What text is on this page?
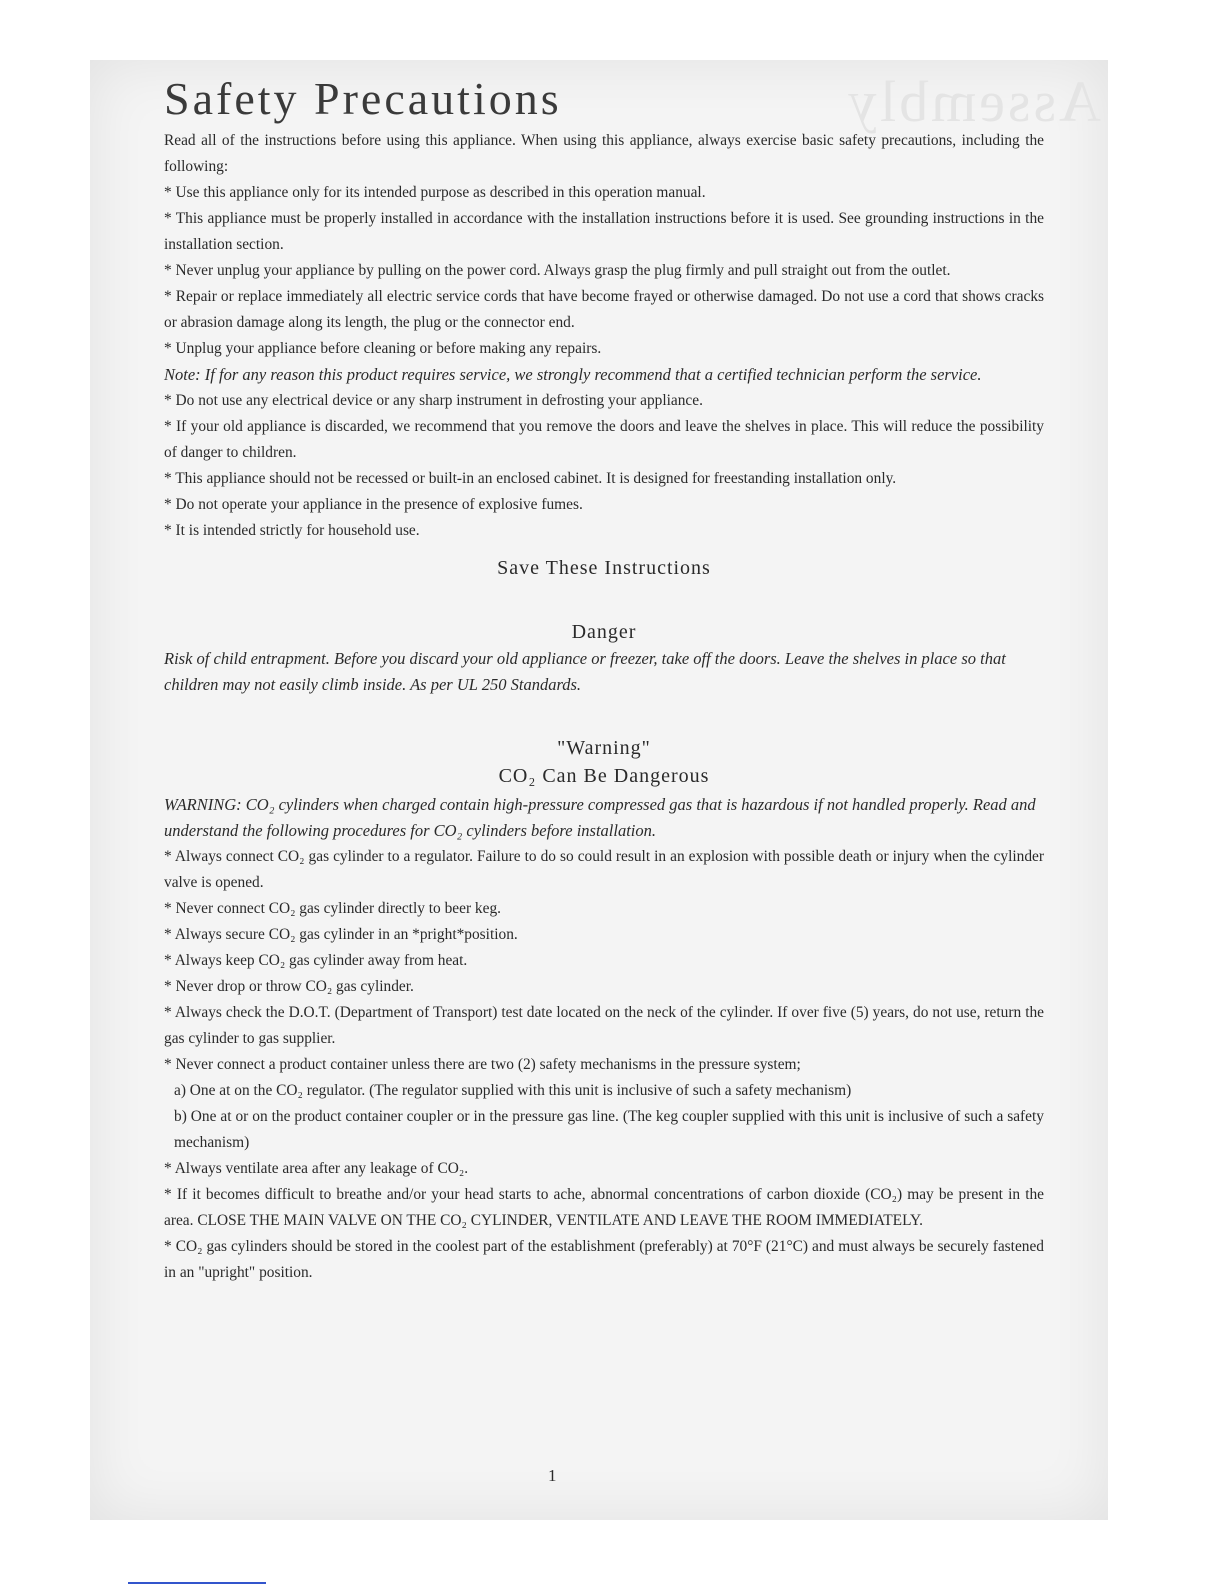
Assembly
Safety Precautions

Read all of the instructions before using this appliance. When using this appliance, always exercise basic safety precautions, including the following:

* Use this appliance only for its intended purpose as described in this operation manual.

* This appliance must be properly installed in accordance with the installation instructions before it is used. See grounding instructions in the installation section.

* Never unplug your appliance by pulling on the power cord. Always grasp the plug firmly and pull straight out from the outlet.

* Repair or replace immediately all electric service cords that have become frayed or otherwise damaged. Do not use a cord that shows cracks or abrasion damage along its length, the plug or the connector end.

* Unplug your appliance before cleaning or before making any repairs.

Note: If for any reason this product requires service, we strongly recommend that a certified technician perform the service.

* Do not use any electrical device or any sharp instrument in defrosting your appliance.

* If your old appliance is discarded, we recommend that you remove the doors and leave the shelves in place. This will reduce the possibility of danger to children.

* This appliance should not be recessed or built-in an enclosed cabinet. It is designed for freestanding installation only.

* Do not operate your appliance in the presence of explosive fumes.

* It is intended strictly for household use.

Save These Instructions

Danger

Risk of child entrapment. Before you discard your old appliance or freezer, take off the doors. Leave the shelves in place so that children may not easily climb inside. As per UL 250 Standards.

"Warning"

CO₂ Can Be Dangerous

WARNING: CO₂ cylinders when charged contain high-pressure compressed gas that is hazardous if not handled properly. Read and understand the following procedures for CO₂ cylinders before installation.

* Always connect CO₂ gas cylinder to a regulator. Failure to do so could result in an explosion with possible death or injury when the cylinder valve is opened.

* Never connect CO₂ gas cylinder directly to beer keg.

* Always secure CO₂ gas cylinder in an *pright*position.

* Always keep CO₂ gas cylinder away from heat.

* Never drop or throw CO₂ gas cylinder.

* Always check the D.O.T. (Department of Transport) test date located on the neck of the cylinder. If over five (5) years, do not use, return the gas cylinder to gas supplier.

* Never connect a product container unless there are two (2) safety mechanisms in the pressure system;

a) One at on the CO₂ regulator. (The regulator supplied with this unit is inclusive of such a safety mechanism)

b) One at or on the product container coupler or in the pressure gas line. (The keg coupler supplied with this unit is inclusive of such a safety mechanism)

* Always ventilate area after any leakage of CO₂.

* If it becomes difficult to breathe and/or your head starts to ache, abnormal concentrations of carbon dioxide (CO₂) may be present in the area. CLOSE THE MAIN VALVE ON THE CO₂ CYLINDER, VENTILATE AND LEAVE THE ROOM IMMEDIATELY.

* CO₂ gas cylinders should be stored in the coolest part of the establishment (preferably) at 70°F (21°C) and must always be securely fastened in an "upright" position.

1
